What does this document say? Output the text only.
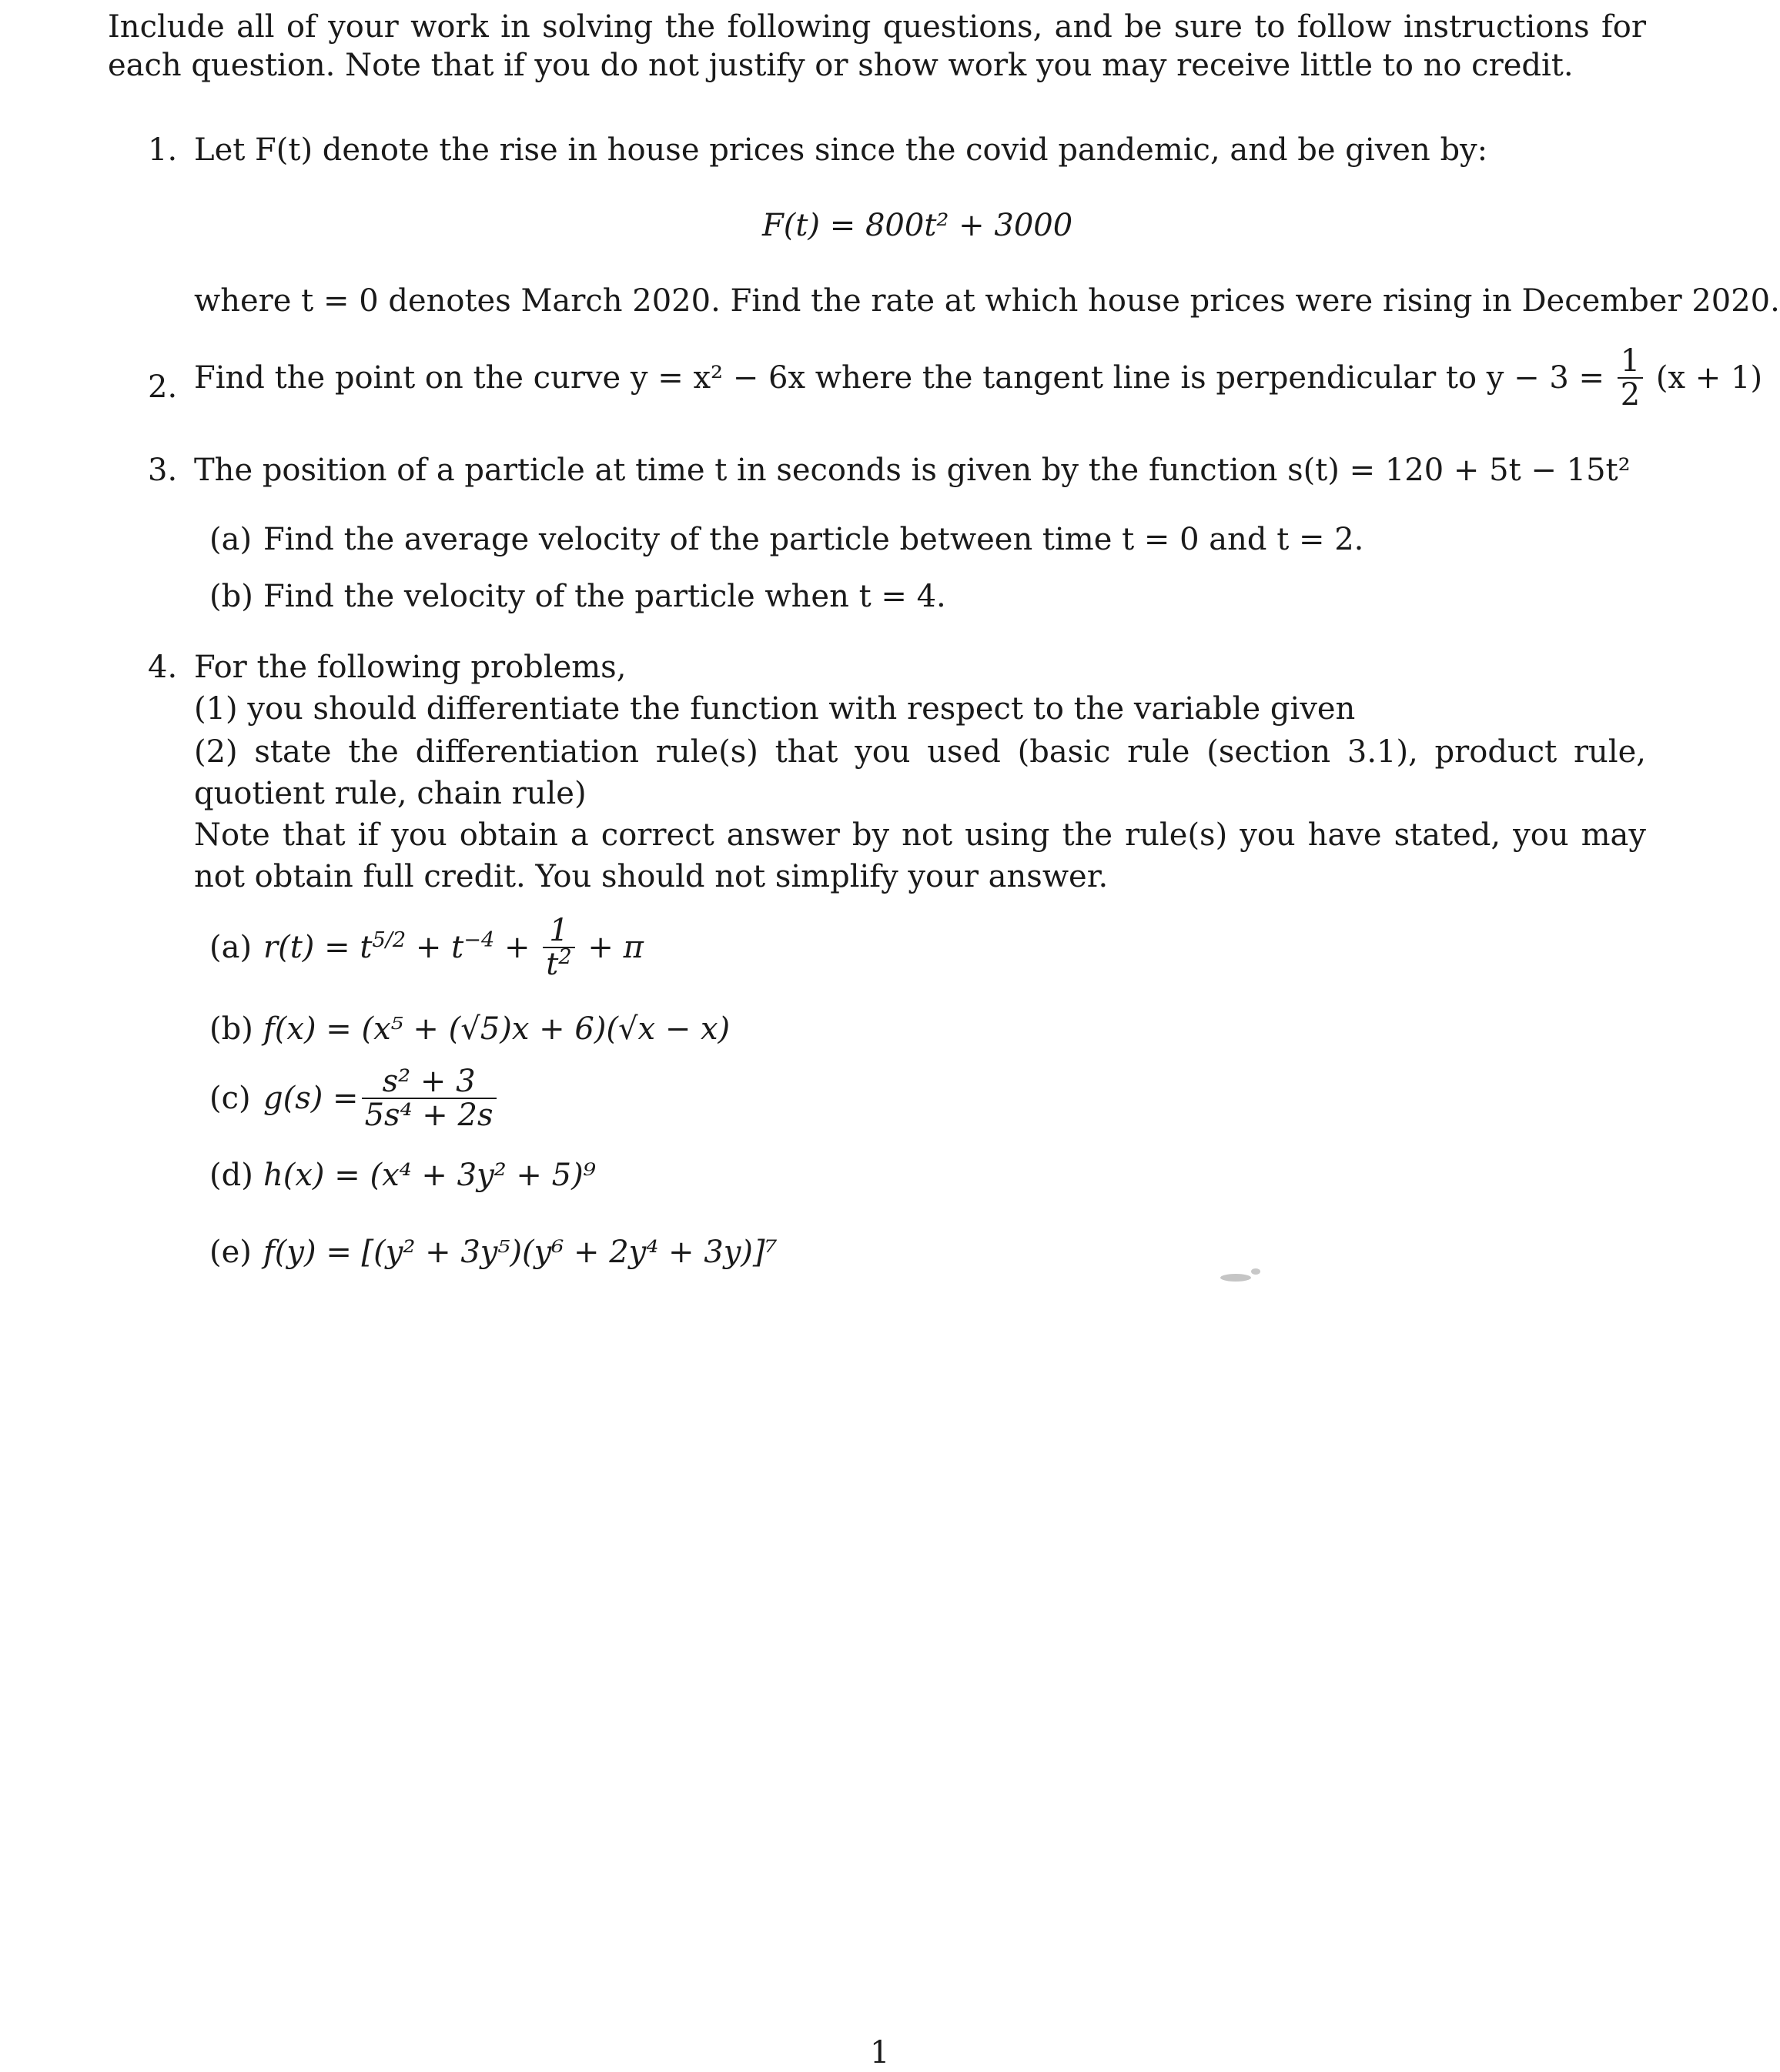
Include all of your work in solving the following questions, and be sure to follow instructions for each question. Note that if you do not justify or show work you may receive little to no credit.
1. Let F(t) denote the rise in house prices since the covid pandemic, and be given by:
F(t) = 800t² + 3000
where t = 0 denotes March 2020. Find the rate at which house prices were rising in December 2020.
2. Find the point on the curve y = x² − 6x where the tangent line is perpendicular to $y - 3 = \frac{1}{2} (x + 1)$
3. The position of a particle at time t in seconds is given by the function s(t) = 120 + 5t − 15t²
(a) Find the average velocity of the particle between time t = 0 and t = 2.
(b) Find the velocity of the particle when t = 4.
4. For the following problems,
(1) you should differentiate the function with respect to the variable given
(2) state the differentiation rule(s) that you used (basic rule (section 3.1), product rule, quotient rule, chain rule)
Note that if you obtain a correct answer by not using the rule(s) you have stated, you may not obtain full credit. You should not simplify your answer.
(a) $r(t) = t^{5/2} + t^{-4} + \frac{1}{t^2} + \pi$
(b) f(x) = (x⁵ + (√5)x + 6)(√x − x)
(c) $g(s) = \frac{\text{s² + 3}}{\text{5s⁴ + 2s}}$
(d) h(x) = (x⁴ + 3y² + 5)⁹
(e) f(y) = [(y² + 3y⁵)(y⁶ + 2y⁴ + 3y)]⁷
1
